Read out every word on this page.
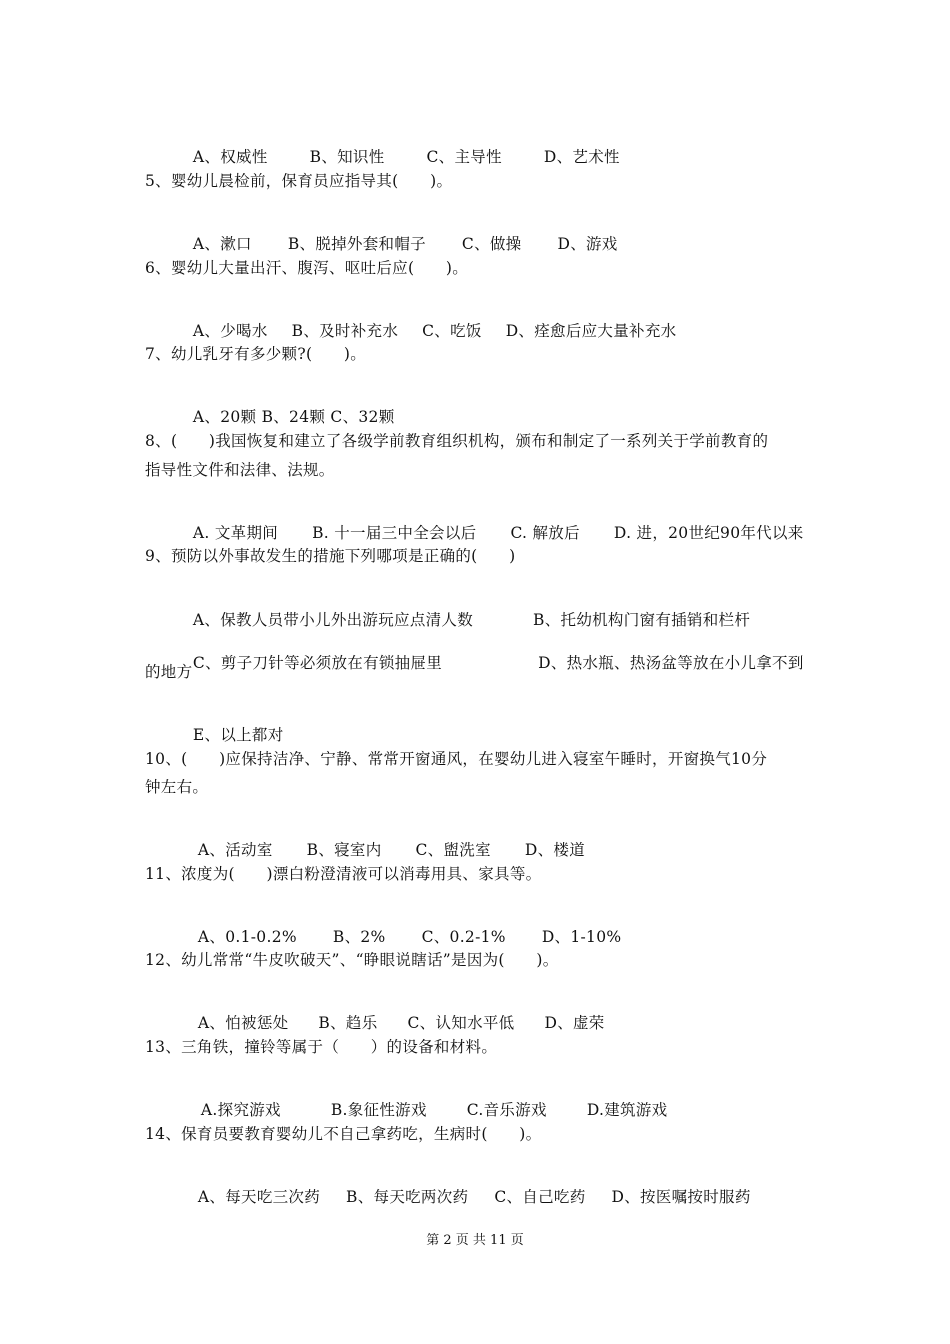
A、权威性	B、知识性	C、主导性	D、艺术性

5、婴幼儿晨检前，保育员应指导其(　　)。

A、漱口 B、脱掉外套和帽子 C、做操 D、游戏

6、婴幼儿大量出汗、腹泻、呕吐后应(　　)。

A、少喝水 B、及时补充水 C、吃饭 D、痊愈后应大量补充水

7、幼儿乳牙有多少颗?(　　)。

A、20颗 B、24颗 C、32颗

8、(　　)我国恢复和建立了各级学前教育组织机构，颁布和制定了一系列关于学前教育的
指导性文件和法律、法规。

A. 文革期间 B. 十一届三中全会以后 C. 解放后 D. 进，20世纪90年代以来

9、预防以外事故发生的措施下列哪项是正确的(　　)

A、保教人员带小儿外出游玩应点清人数	B、托幼机构门窗有插销和栏杆

C、剪子刀针等必须放在有锁抽屉里	D、热水瓶、热汤盆等放在小儿拿不到

的地方

E、以上都对

10、(　　)应保持洁净、宁静、常常开窗通风，在婴幼儿进入寝室午睡时，开窗换气10分
钟左右。

A、活动室 B、寝室内 C、盥洗室 D、楼道

11、浓度为(　　)漂白粉澄清液可以消毒用具、家具等。

A、0.1-0.2% B、2% C、0.2-1% D、1-10%

12、幼儿常常“牛皮吹破天”、“睁眼说瞎话”是因为(　　)。

A、怕被惩处 B、趋乐 C、认知水平低 D、虚荣

13、三角铁，撞铃等属于（　　）的设备和材料。

A.探究游戏	B.象征性游戏	C.音乐游戏	D.建筑游戏

14、保育员要教育婴幼儿不自己拿药吃，生病时(　　)。

A、每天吃三次药 B、每天吃两次药 C、自己吃药 D、按医嘱按时服药

第 2 页 共 11 页
